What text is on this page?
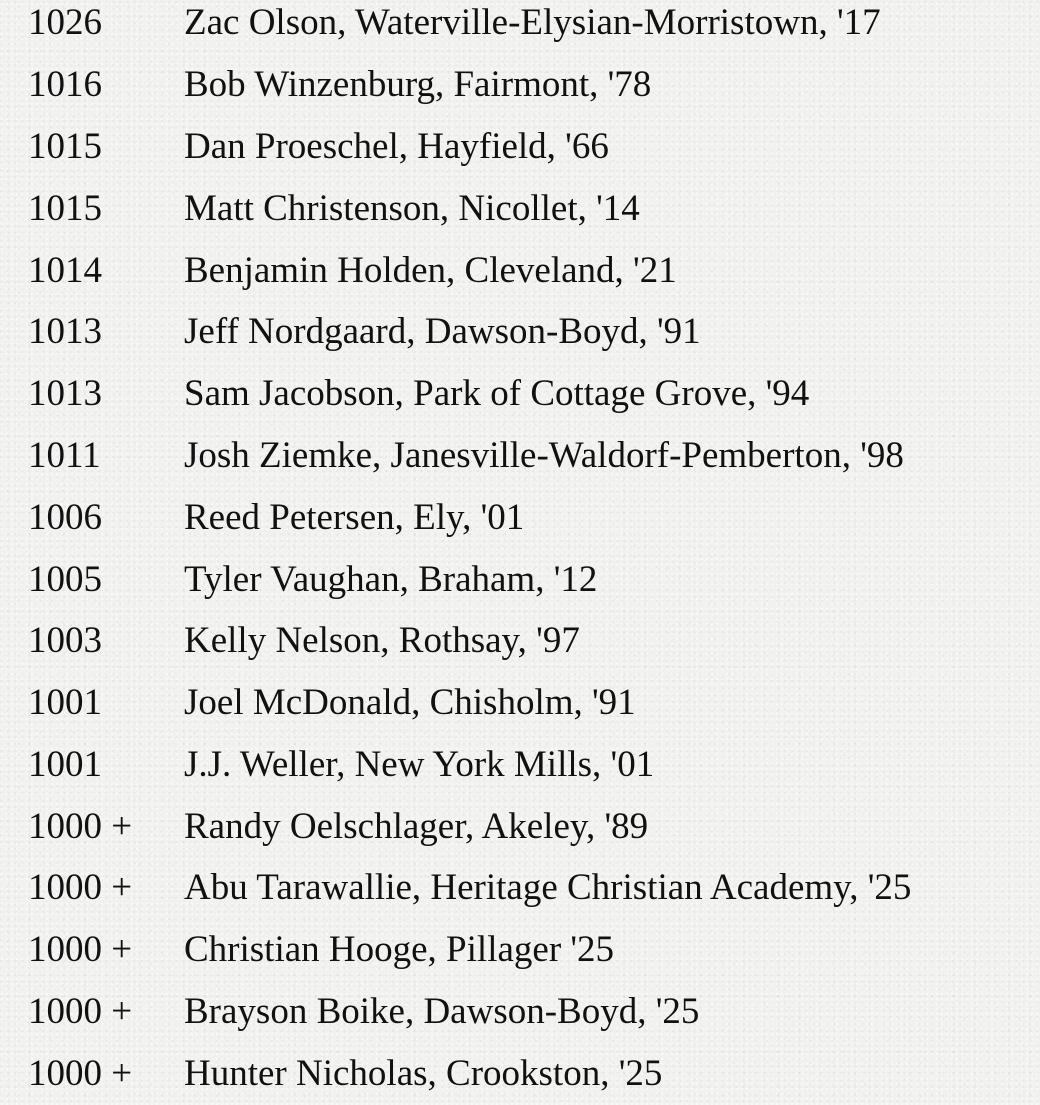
1026 Zac Olson, Waterville-Elysian-Morristown, '17
1016 Bob Winzenburg, Fairmont, '78
1015 Dan Proeschel, Hayfield, '66
1015 Matt Christenson, Nicollet, '14
1014 Benjamin Holden, Cleveland, '21
1013 Jeff Nordgaard, Dawson-Boyd, '91
1013 Sam Jacobson, Park of Cottage Grove, '94
1011 Josh Ziemke, Janesville-Waldorf-Pemberton, '98
1006 Reed Petersen, Ely, '01
1005 Tyler Vaughan, Braham, '12
1003 Kelly Nelson, Rothsay, '97
1001 Joel McDonald, Chisholm, '91
1001 J.J. Weller, New York Mills, '01
1000 + Randy Oelschlager, Akeley, '89
1000 + Abu Tarawallie, Heritage Christian Academy, '25
1000 + Christian Hooge, Pillager '25
1000 + Brayson Boike, Dawson-Boyd, '25
1000 + Hunter Nicholas, Crookston, '25
